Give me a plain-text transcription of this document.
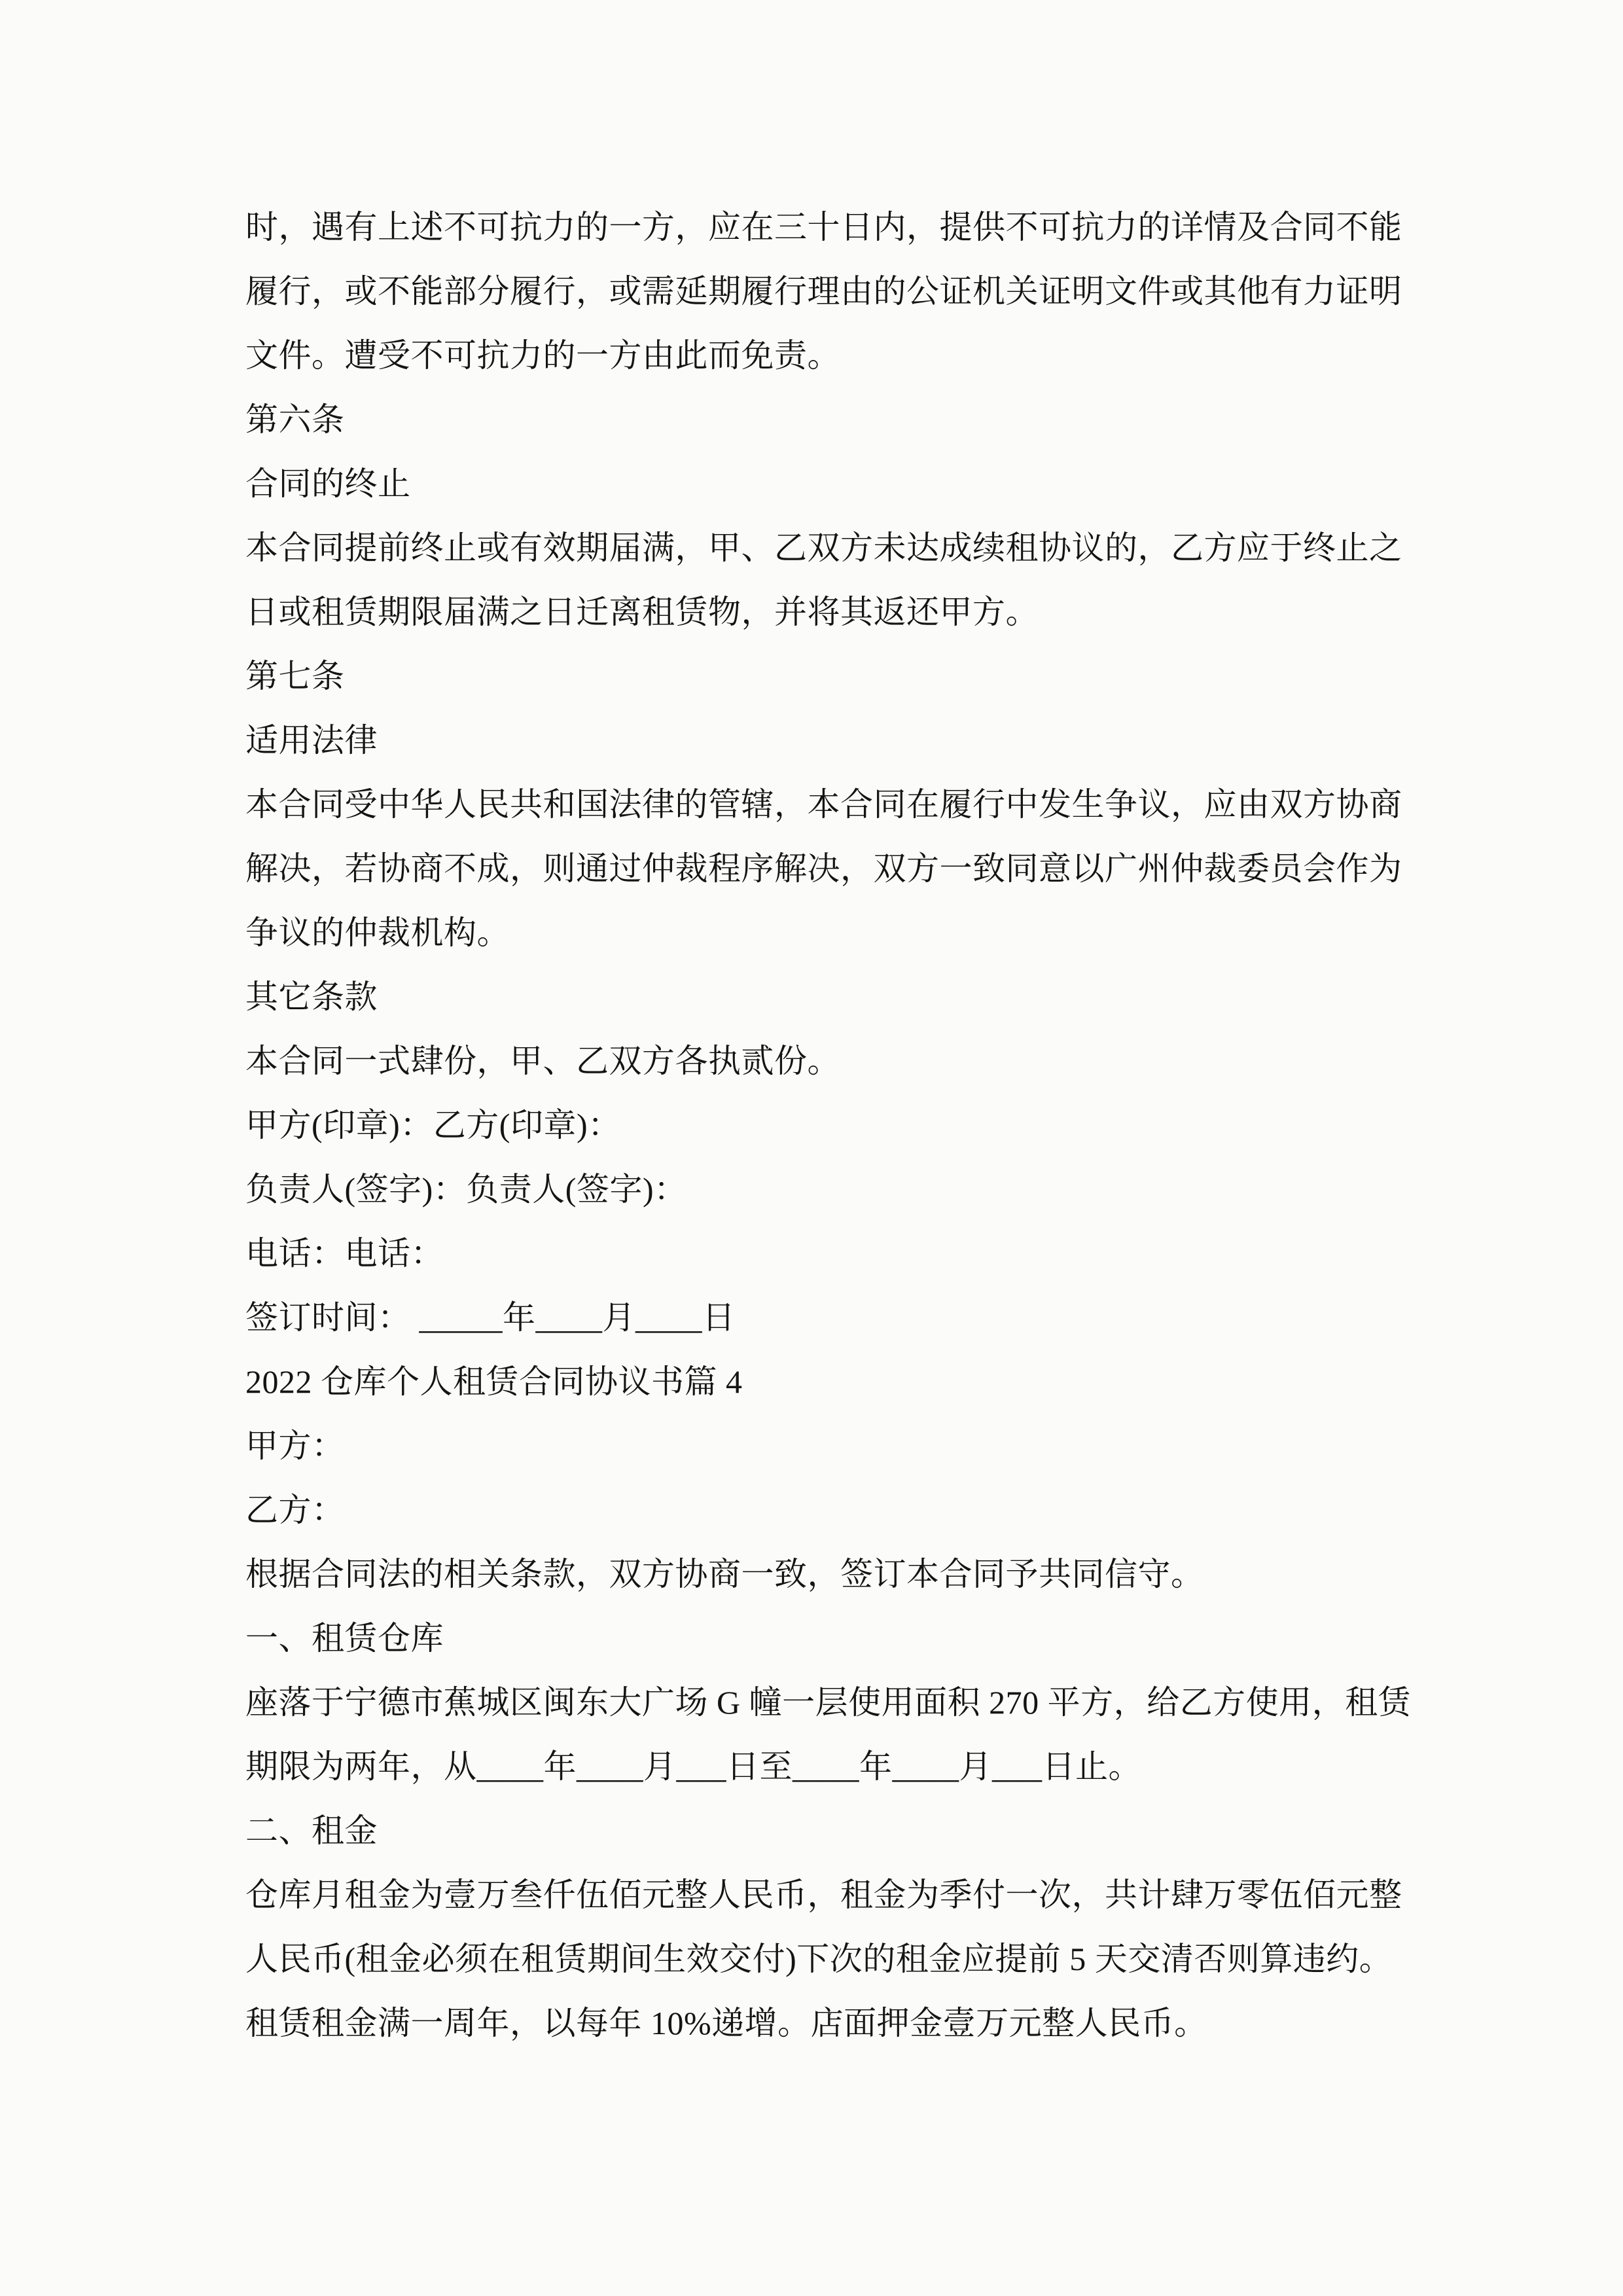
时，遇有上述不可抗力的一方，应在三十日内，提供不可抗力的详情及合同不能

履行，或不能部分履行，或需延期履行理由的公证机关证明文件或其他有力证明

文件。遭受不可抗力的一方由此而免责。

第六条

合同的终止

本合同提前终止或有效期届满，甲、乙双方未达成续租协议的，乙方应于终止之

日或租赁期限届满之日迁离租赁物，并将其返还甲方。

第七条

适用法律

本合同受中华人民共和国法律的管辖，本合同在履行中发生争议，应由双方协商

解决，若协商不成，则通过仲裁程序解决，双方一致同意以广州仲裁委员会作为

争议的仲裁机构。

其它条款

本合同一式肆份，甲、乙双方各执贰份。

甲方(印章)：乙方(印章)：

负责人(签字)：负责人(签字)：

电话：电话：

签订时间： _____年____月____日

2022 仓库个人租赁合同协议书篇 4

甲方：

乙方：

根据合同法的相关条款，双方协商一致，签订本合同予共同信守。

一、租赁仓库

座落于宁德市蕉城区闽东大广场 G 幢一层使用面积 270 平方，给乙方使用，租赁

期限为两年，从____年____月___日至____年____月___日止。

二、租金

仓库月租金为壹万叁仟伍佰元整人民币，租金为季付一次，共计肆万零伍佰元整

人民币(租金必须在租赁期间生效交付)下次的租金应提前 5 天交清否则算违约。

租赁租金满一周年，以每年 10%递增。店面押金壹万元整人民币。
